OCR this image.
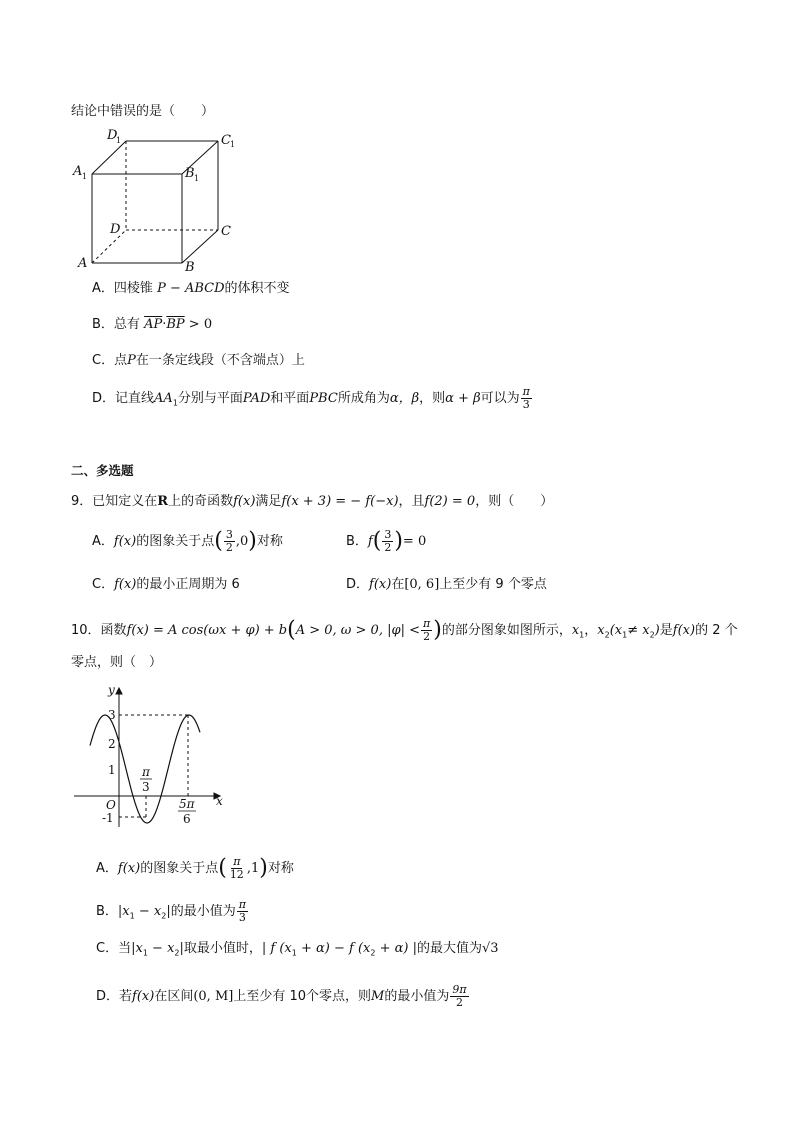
结论中错误的是（　　）
D
1	C 1
A 1	B 1
D	C
A	B
A．四棱锥 P − ABCD的体积不变
B．总有 $\overline{AP}\cdot\overline{BP} > 0$
C．点P在一条定线段（不含端点）上
D．记直线$AA_1$分别与平面PAD和平面PBC所成角为α，β，则α + β可以为 $\frac{\pi}{3}$
二、多选题
9．已知定义在R上的奇函数f(x)满足f(x + 3) = − f(−x)，且f(2) = 0，则（　　）
A．f(x)的图象关于点( $\frac{3}{2} ,0$)对称	B．$f( \frac{3}{2}$ )= 0
C．f(x)的最小正周期为 6	D．f(x)在[0, 6]上至少有 9 个零点
10．函数f(x) = A cos(ωx + φ) + b(A > 0, ω > 0, $|\varphi| < \frac{\pi}{2}$ )的部分图象如图所示，$x_1$，$x_2(x_1\ne x_2)$是f(x)的 2 个
零点，则（　）
y
x
O
3
2
1
-1
π
3
5π
6
A．f(x)的图象关于点( $\frac{\pi}{12} ,1$)对称
B．$|x_1 - x_2|$的最小值为 $\frac{\pi}{3}$
C．当$|x_1 - x_2|$取最小值时，| f $(x_1 + \alpha) - f$ $(x_2 + \alpha)$ |的最大值为√3
D．若f(x)在区间(0, M]上至少有 10个零点，则M的最小值为 $\frac{9\pi}{2}$
